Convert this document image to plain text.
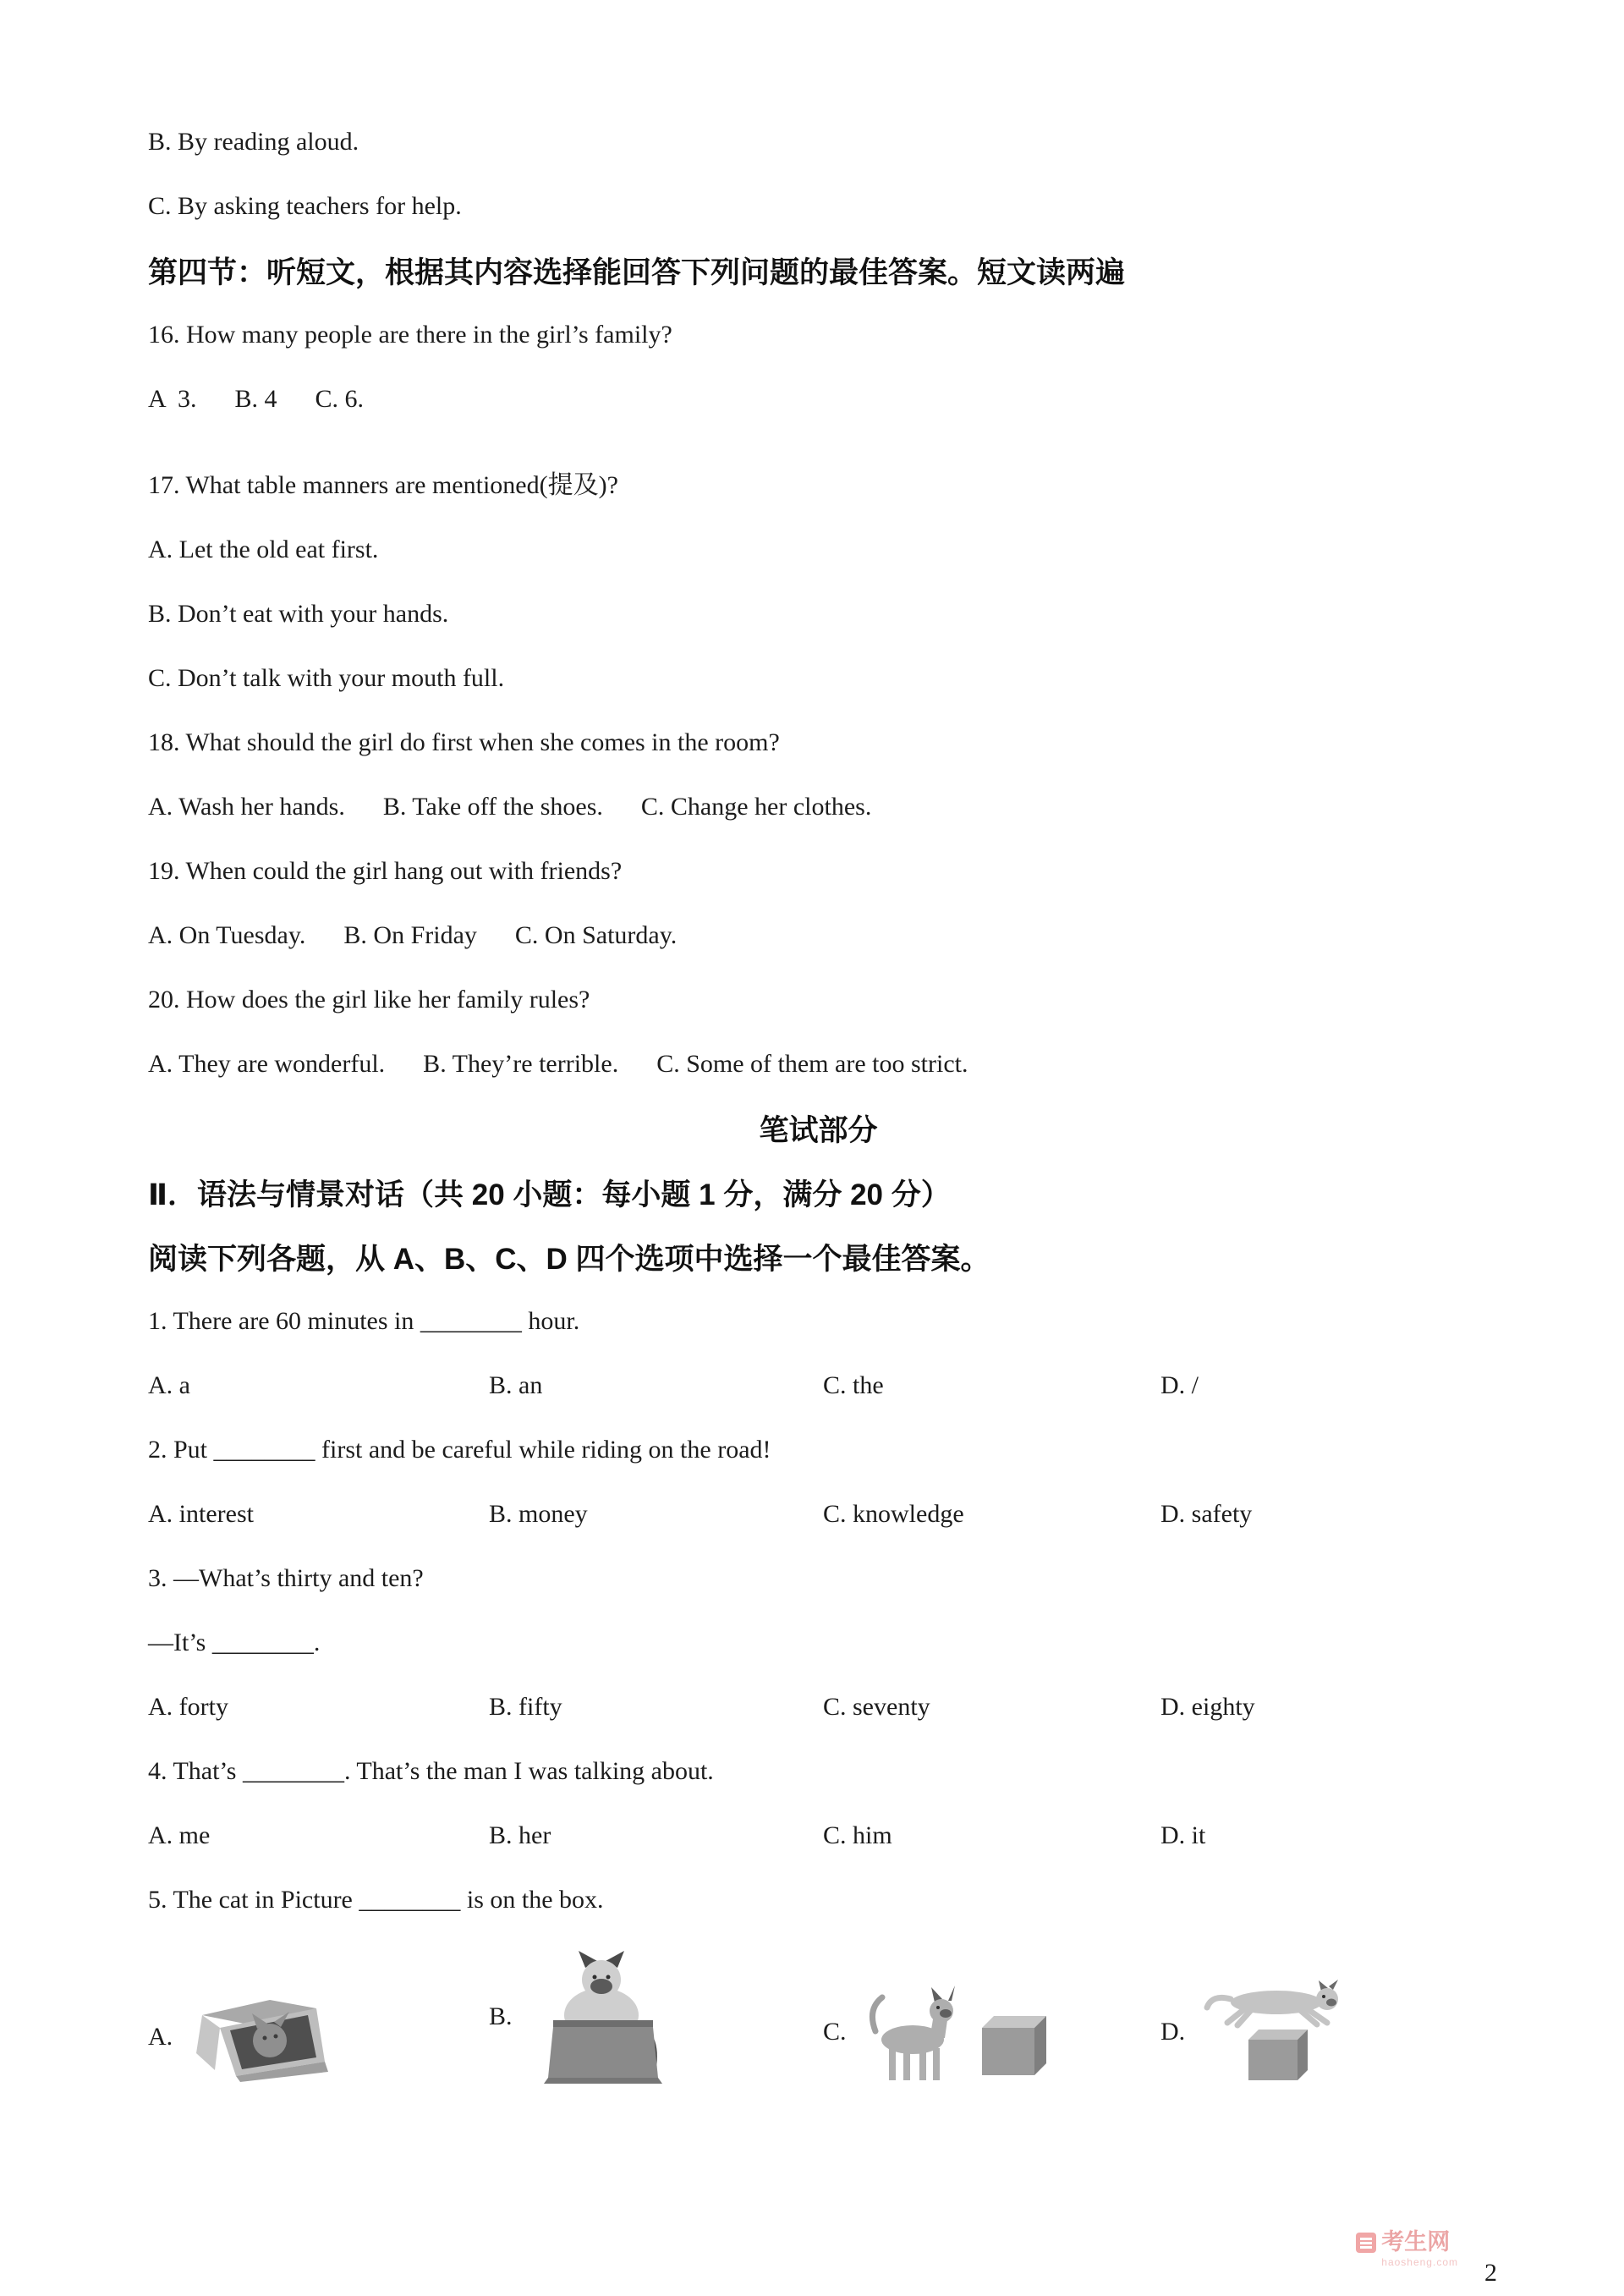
B. By reading aloud.

C. By asking teachers for help.

第四节：听短文，根据其内容选择能回答下列问题的最佳答案。短文读两遍

16. How many people are there in the girl’s family?

A  3.      B. 4      C. 6.

17. What table manners are mentioned(提及)?

A. Let the old eat first.

B. Don’t eat with your hands.

C. Don’t talk with your mouth full.

18. What should the girl do first when she comes in the room?

A. Wash her hands.      B. Take off the shoes.      C. Change her clothes.

19. When could the girl hang out with friends?

A. On Tuesday.      B. On Friday      C. On Saturday.

20. How does the girl like her family rules?

A. They are wonderful.      B. They’re terrible.      C. Some of them are too strict.

笔试部分
Ⅱ．语法与情景对话（共 20 小题：每小题 1 分，满分 20 分）
阅读下列各题，从 A、B、C、D 四个选项中选择一个最佳答案。

1. There are 60 minutes in ________ hour.

A. a	B. an	C. the	D. /

2. Put ________ first and be careful while riding on the road!

A. interest	B. money	C. knowledge	D. safety

3. —What’s thirty and ten?

—It’s ________.

A. forty	B. fifty	C. seventy	D. eighty

4. That’s ________. That’s the man I was talking about.

A. me	B. her	C. him	D. it

5. The cat in Picture ________ is on the box.

A.
B.
C.	D.
考生网
haosheng.com 2
